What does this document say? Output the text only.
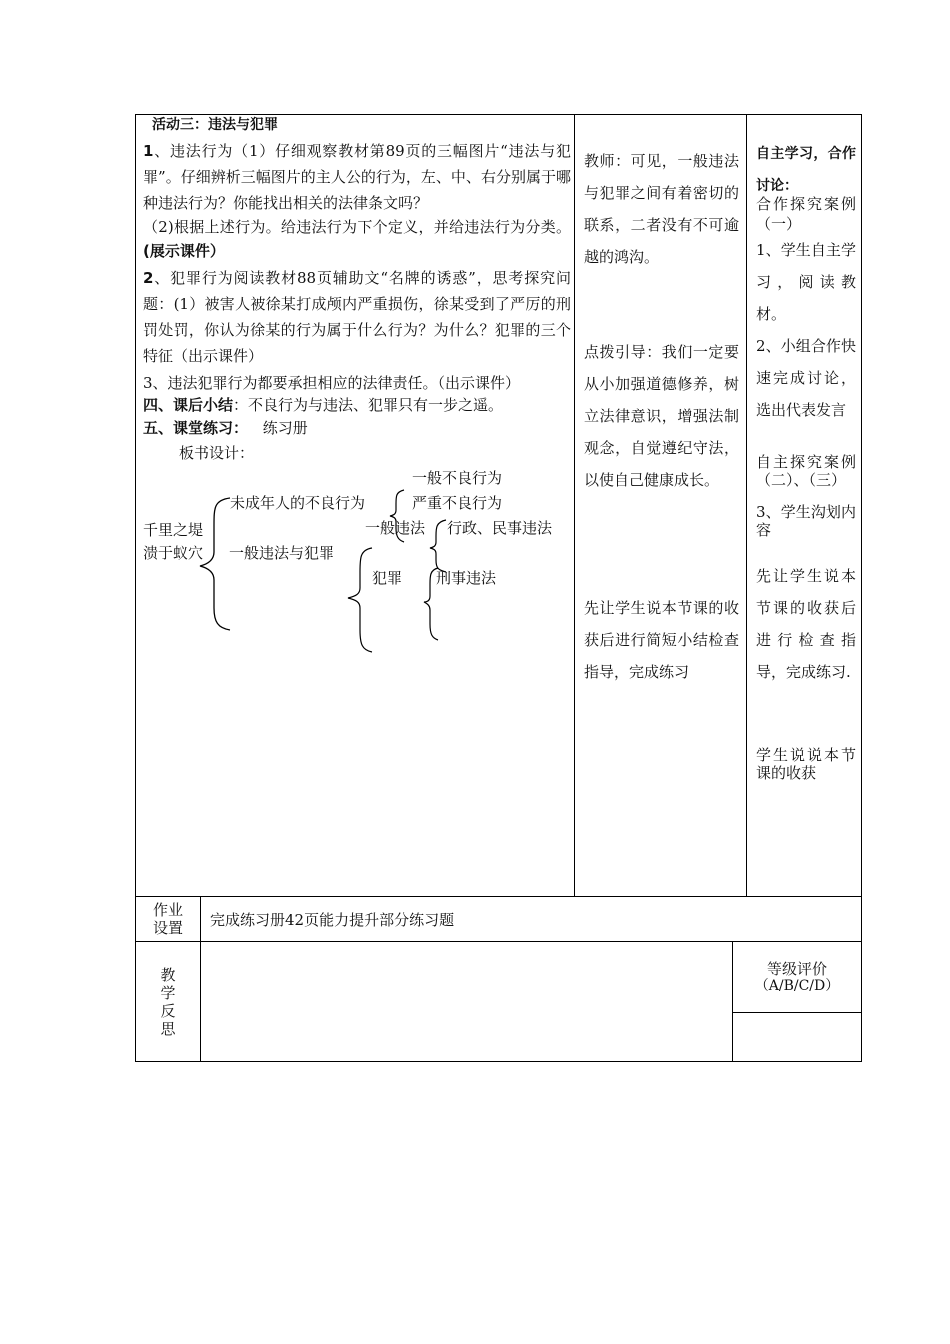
活动三：违法与犯罪
1、违法行为（1）仔细观察教材第89页的三幅图片“违法与犯罪”。仔细辨析三幅图片的主人公的行为，左、中、右分别属于哪种违法行为？你能找出相关的法律条文吗？
（2)根据上述行为。给违法行为下个定义，并给违法行为分类。(展示课件）
2、犯罪行为阅读教材88页辅助文“名牌的诱惑”，思考探究问题：(1）被害人被徐某打成颅内严重损伤，徐某受到了严厉的刑罚处罚，你认为徐某的行为属于什么行为？为什么？犯罪的三个特征（出示课件）
3、违法犯罪行为都要承担相应的法律责任。（出示课件）
四、课后小结：不良行为与违法、犯罪只有一步之遥。
五、课堂练习： 练习册
板书设计：
千里之堤
溃于蚁穴
未成年人的不良行为
一般违法与犯罪
一般不良行为
严重不良行为
一般违法 行政、民事违法
犯罪 刑事违法
教师：可见，一般违法与犯罪之间有着密切的联系，二者没有不可逾越的鸿沟。
点拨引导：我们一定要从小加强道德修养，树立法律意识，增强法制观念，自觉遵纪守法，以使自己健康成长。
先让学生说本节课的收获后进行简短小结检查指导，完成练习
自主学习，合作讨论：
合作探究案例（一）
1、学生自主学习，阅读教材。
2、小组合作快速完成讨论，选出代表发言
自主探究案例（二）、（三）
3、学生沟划内容
先让学生说本节课的收获后进行检查指导，完成练习.
学生说说本节课的收获
作业设置	完成练习册42页能力提升部分练习题
教学反思
等级评价
（A/B/C/D）
